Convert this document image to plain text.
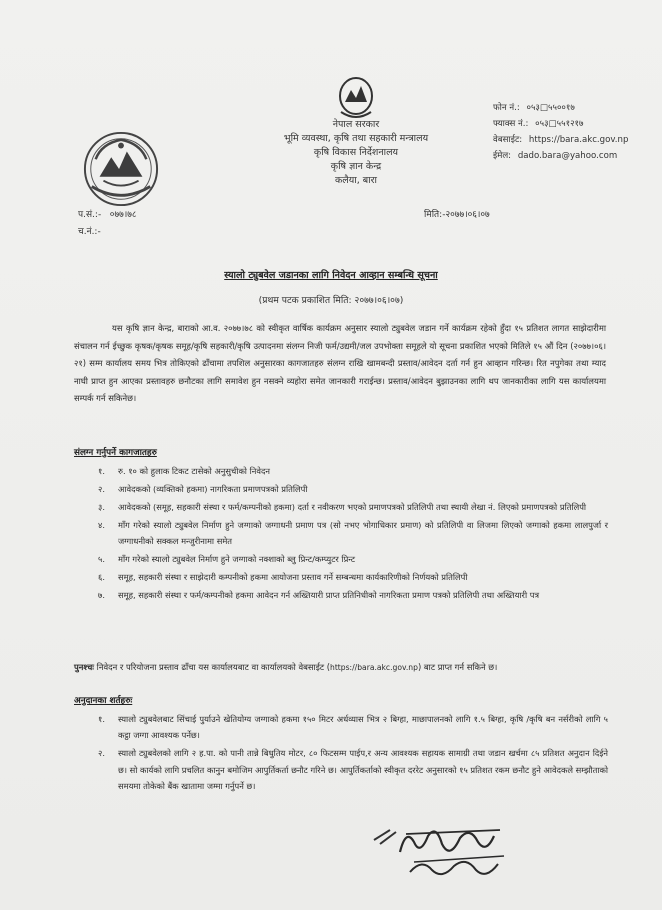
नेपाल सरकार
भूमि व्यवस्था, कृषि तथा सहकारी मन्त्रालय
कृषि विकास निर्देशनालय
कृषि ज्ञान केन्द्र
कलैया, बारा
फोन नं.: ०५३□५५००१७
फ्याक्स नं.: ०५३□५५१२१७
वेबसाईट: https://bara.akc.gov.np
ईमेल: dado.bara@yahoo.com
प.सं.:- ०७७।७८
च.नं.:-
मिति:-२०७७।०६।०७
स्यालो ट्युबवेल जडानका लागि निवेदन आव्हान सम्बन्धि सूचना
(प्रथम पटक प्रकाशित मिति: २०७७।०६।०७)
यस कृषि ज्ञान केन्द्र, बाराको आ.व. २०७७।७८ को स्वीकृत वार्षिक कार्यक्रम अनुसार स्यालो ट्युबवेल जडान गर्ने कार्यक्रम रहेको हुँदा १५ प्रतिशत लागत साझेदारीमा संचालन गर्न ईच्छुक कृषक/कृषक समूह/कृषि सहकारी/कृषि उत्पादनमा संलग्न निजी फर्म/उद्यमी/जल उपभोक्ता समूहले यो सूचना प्रकाशित भएको मितिले १५ औं दिन (२०७७।०६।२१) सम्म कार्यालय समय भित्र तोकिएको ढाँचामा तपशिल अनुसारका कागजातहरु संलग्न राखि खामबन्दी प्रस्ताव/आवेदन दर्ता गर्न हुन आव्हान गरिन्छ। रित नपुगेका तथा म्याद नाघी प्राप्त हुन आएका प्रस्तावहरु छनौटका लागि समावेश हुन नसक्ने व्यहोरा समेत जानकारी गराईन्छ। प्रस्ताव/आवेदन बुझाउनका लागि थप जानकारीका लागि यस कार्यालयमा सम्पर्क गर्न सकिनेछ।
संलग्न गर्नुपर्ने कागजातहरु
१. रु. १० को हुलाक टिकट टासेको अनुसुचीको निवेदन
२. आवेदकको (व्यक्तिको हकमा) नागरिकता प्रमाणपत्रको प्रतिलिपी
३. आवेदकको (समूह, सहकारी संस्था र फर्म/कम्पनीको हकमा) दर्ता र नवीकरण भएको प्रमाणपत्रको प्रतिलिपी तथा स्थायी लेखा नं. लिएको प्रमाणपत्रको प्रतिलिपी
४. माँग गरेको स्यालो ट्युबवेल निर्माण हुने जग्गाको जग्गाधनी प्रमाण पत्र (सो नभए भोगाधिकार प्रमाण) को प्रतिलिपी वा लिजमा लिएको जग्गाको हकमा लालपुर्जा र जग्गाधनीको सक्कल मन्जुरीनामा समेत
५. माँग गरेको स्यालो ट्युबवेल निर्माण हुने जग्गाको नक्शाको ब्लु प्रिन्ट/कम्प्युटर प्रिन्ट
६. समूह, सहकारी संस्था र साझेदारी कम्पनीको हकमा आयोजना प्रस्ताव गर्ने सम्बन्धमा कार्यकारिणीको निर्णयको प्रतिलिपी
७. समूह, सहकारी संस्था र फर्म/कम्पनीको हकमा आवेदन गर्न अख्तियारी प्राप्त प्रतिनिधीको नागरिकता प्रमाण पत्रको प्रतिलिपी तथा अख्तियारी पत्र
पुनश्चः निवेदन र परियोजना प्रस्ताव ढाँचा यस कार्यालयबाट वा कार्यालयको वेबसाईट (https://bara.akc.gov.np) बाट प्राप्त गर्न सकिने छ।
अनुदानका शर्तहरुः
१. स्यालो ट्युबवेलबाट सिंचाई पुर्याउने खेतियोग्य जग्गाको हकमा १५० मिटर अर्धव्यास भित्र २ बिग्हा, माछापालनको लागि १.५ बिग्हा, कृषि /कृषि बन नर्सरीको लागि ५ कट्ठा जग्गा आवश्यक पर्नेछ।
२. स्यालो ट्युबवेलको लागि २ ह.पा. को पानी तान्ने बिधुतिय मोटर, ८० फिटसम्म पाईप,र अन्य आवश्यक सहायक सामाग्री तथा जडान खर्चमा ८५ प्रतिशत अनुदान दिईने छ। सो कार्यको लागि प्रचलित कानुन बमोजिम आपुर्तिकर्ता छनौट गरिने छ। आपुर्तिकर्ताको स्वीकृत दररेट अनुसारको १५ प्रतिशत रकम छनौट हुने आवेदकले सम्झौताको समयमा तोकेको बैंक खातामा जम्मा गर्नुपर्ने छ।
